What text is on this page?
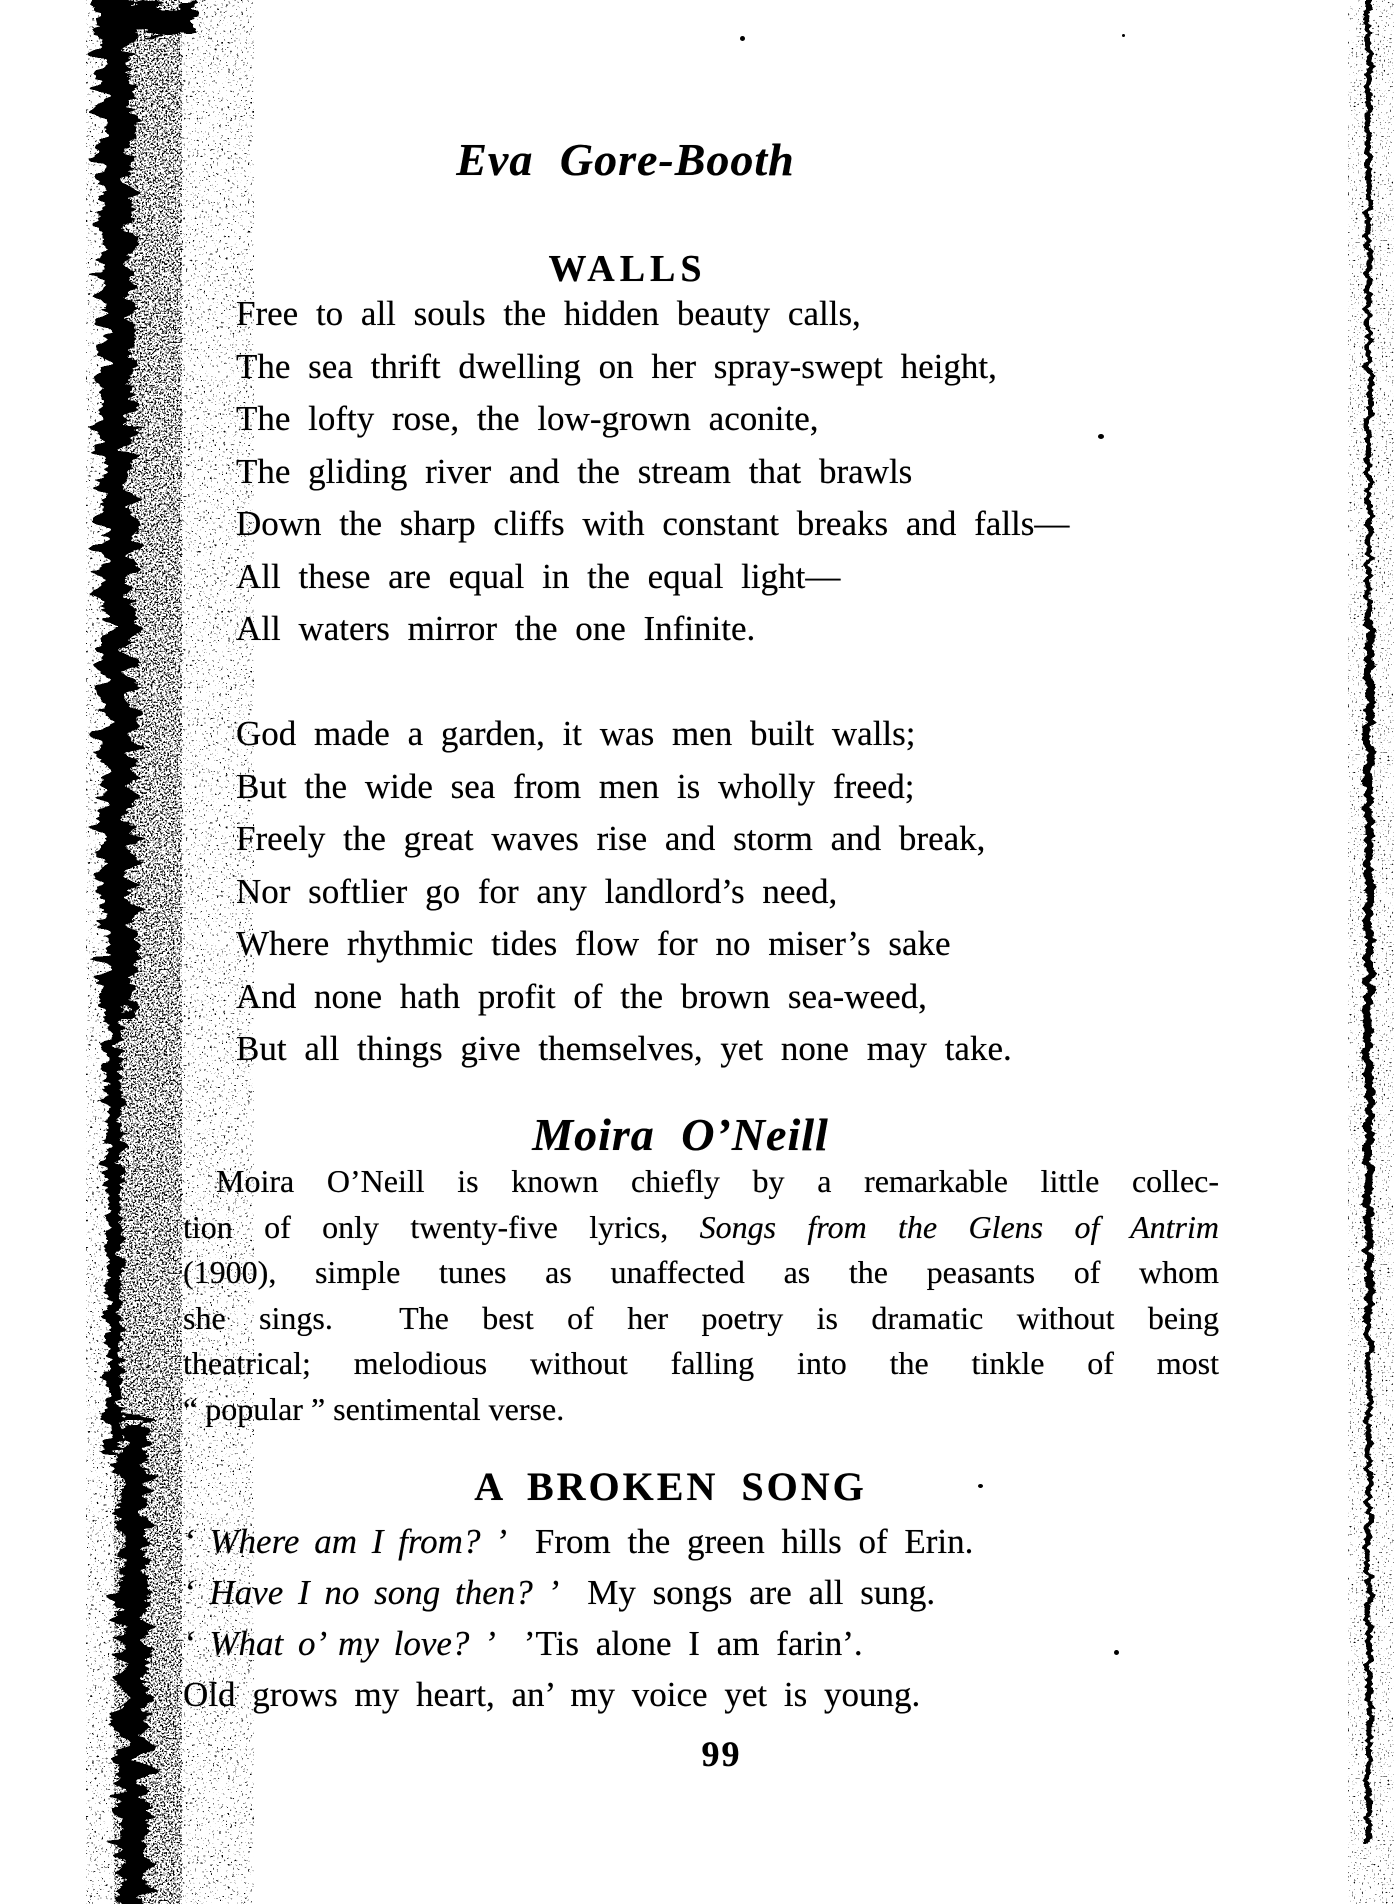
Eva Gore-Booth
WALLS
Free to all souls the hidden beauty calls,
The sea thrift dwelling on her spray-swept height,
The lofty rose, the low-grown aconite,
The gliding river and the stream that brawls
Down the sharp cliffs with constant breaks and falls—
All these are equal in the equal light—
All waters mirror the one Infinite.
God made a garden, it was men built walls;
But the wide sea from men is wholly freed;
Freely the great waves rise and storm and break,
Nor softlier go for any landlord’s need,
Where rhythmic tides flow for no miser’s sake
And none hath profit of the brown sea-weed,
But all things give themselves, yet none may take.
Moira O’Neill
Moira O’Neill is known chiefly by a remarkable little collec-
tion of only twenty-five lyrics, Songs from the Glens of Antrim
(1900), simple tunes as unaffected as the peasants of whom
she sings.  The best of her poetry is dramatic without being
theatrical; melodious without falling into the tinkle of most
“ popular ” sentimental verse.
A BROKEN SONG
‘ Where am I from? ’ From the green hills of Erin.
‘ Have I no song then? ’ My songs are all sung.
‘ What o’ my love? ’ ’Tis alone I am farin’.
Old grows my heart, an’ my voice yet is young.
99
